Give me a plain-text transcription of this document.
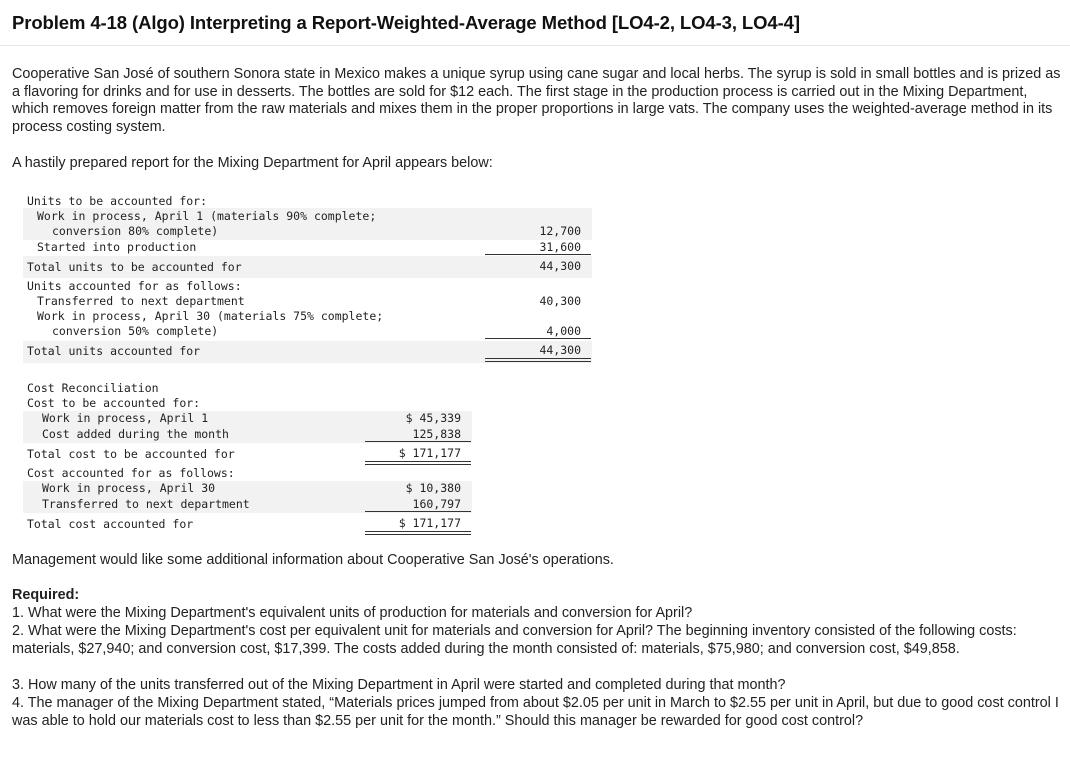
Problem 4-18 (Algo) Interpreting a Report-Weighted-Average Method [LO4-2, LO4-3, LO4-4]

Cooperative San José of southern Sonora state in Mexico makes a unique syrup using cane sugar and local herbs. The syrup is sold in small bottles and is prized as a flavoring for drinks and for use in desserts. The bottles are sold for $12 each. The first stage in the production process is carried out in the Mixing Department, which removes foreign matter from the raw materials and mixes them in the proper proportions in large vats. The company uses the weighted-average method in its process costing system.

A hastily prepared report for the Mixing Department for April appears below:

Units to be accounted for:
Work in process, April 1 (materials 90% complete;
conversion 80% complete)	12,700
Started into production	31,600
Total units to be accounted for	44,300
Units accounted for as follows:
Transferred to next department	40,300
Work in process, April 30 (materials 75% complete;
conversion 50% complete)	4,000
Total units accounted for	44,300
Cost Reconciliation
Cost to be accounted for:
Work in process, April 1	$ 45,339
Cost added during the month	125,838
Total cost to be accounted for	$ 171,177
Cost accounted for as follows:
Work in process, April 30	$ 10,380
Transferred to next department	160,797
Total cost accounted for	$ 171,177

Management would like some additional information about Cooperative San José's operations.

Required:

1. What were the Mixing Department's equivalent units of production for materials and conversion for April?

2. What were the Mixing Department's cost per equivalent unit for materials and conversion for April? The beginning inventory consisted of the following costs: materials, $27,940; and conversion cost, $17,399. The costs added during the month consisted of: materials, $75,980; and conversion cost, $49,858.

3. How many of the units transferred out of the Mixing Department in April were started and completed during that month?

4. The manager of the Mixing Department stated, “Materials prices jumped from about $2.05 per unit in March to $2.55 per unit in April, but due to good cost control I was able to hold our materials cost to less than $2.55 per unit for the month.” Should this manager be rewarded for good cost control?
